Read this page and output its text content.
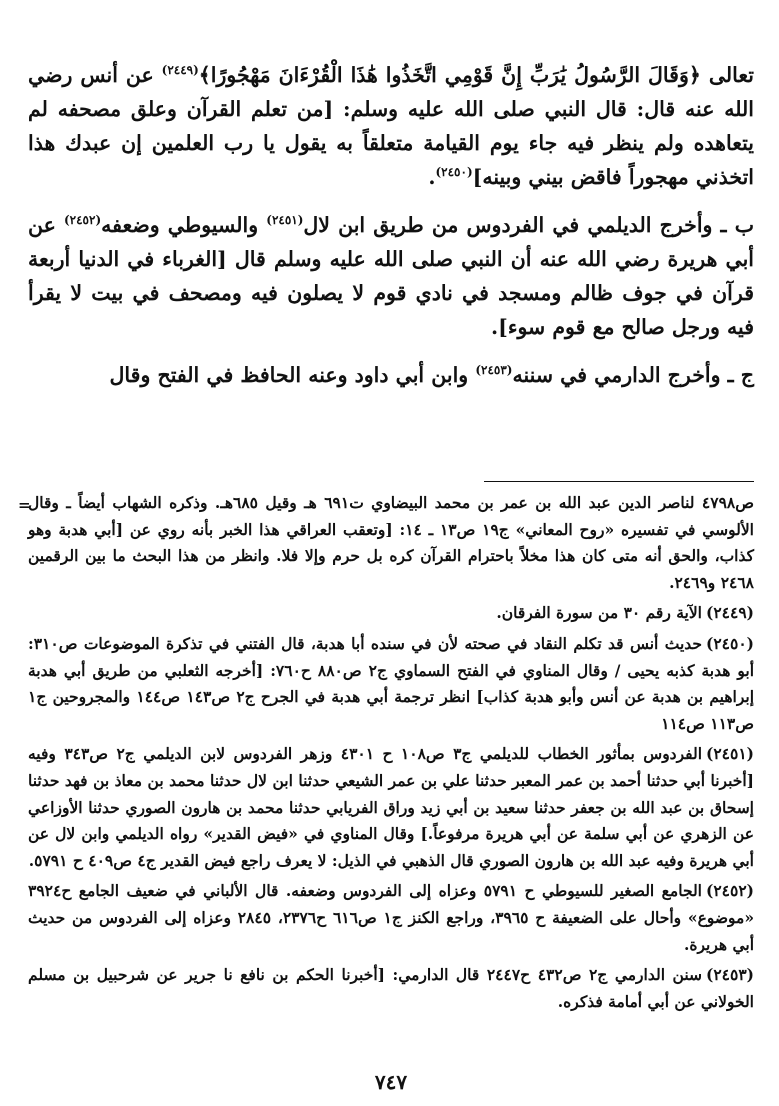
تعالى ﴿وَقَالَ الرَّسُولُ يَٰرَبِّ إِنَّ قَوْمِي اتَّخَذُوا هَٰذَا الْقُرْءَانَ مَهْجُورًا﴾$^{(٢٤٤٩)}$ عن أنس رضي الله عنه قال: قال النبي صلى الله عليه وسلم: [من تعلم القرآن وعلق مصحفه لم يتعاهده ولم ينظر فيه جاء يوم القيامة متعلقاً به يقول يا رب العلمين إن عبدك هذا اتخذني مهجوراً فاقض بيني وبينه]$^{(٢٤٥٠)}$.

ب ـ وأخرج الديلمي في الفردوس من طريق ابن لال$^{(٢٤٥١)}$ والسيوطي وضعفه$^{(٢٤٥٢)}$ عن أبي هريرة رضي الله عنه أن النبي صلى الله عليه وسلم قال [الغرباء في الدنيا أربعة قرآن في جوف ظالم ومسجد في نادي قوم لا يصلون فيه ومصحف في بيت لا يقرأ فيه ورجل صالح مع قوم سوء].

ج ـ وأخرج الدارمي في سننه$^{(٢٤٥٣)}$ وابن أبي داود وعنه الحافظ في الفتح وقال

=
ص٤٧٩٨ لناصر الدين عبد الله بن عمر بن محمد البيضاوي ت٦٩١ هـ وقيل ٦٨٥هـ. وذكره الشهاب أيضاً ـ وقال الألوسي في تفسيره «روح المعاني» ج١٩ ص١٣ ـ ١٤: [وتعقب العراقي هذا الخبر بأنه روي عن [أبي هدبة وهو كذاب، والحق أنه متى كان هذا مخلاً باحترام القرآن كره بل حرم وإلا فلا. وانظر من هذا البحث ما بين الرقمين ٢٤٦٨ و٢٤٦٩.
(٢٤٤٩)الآية رقم ٣٠ من سورة الفرقان.
(٢٤٥٠)حديث أنس قد تكلم النقاد في صحته لأن في سنده أبا هدبة، قال الفتني في تذكرة الموضوعات ص٣١٠: أبو هدبة كذبه يحيى / وقال المناوي في الفتح السماوي ج٢ ص٨٨٠ ح٧٦٠: [أخرجه الثعلبي من طريق أبي هدبة إبراهيم بن هدبة عن أنس وأبو هدبة كذاب] انظر ترجمة أبي هدبة في الجرح ج٢ ص١٤٣ ص١٤٤ والمجروحين ج١ ص١١٣ ص١١٤
(٢٤٥١)الفردوس بمأثور الخطاب للديلمي ج٣ ص١٠٨ ح ٤٣٠١ وزهر الفردوس لابن الديلمي ج٢ ص٣٤٣ وفيه [أخبرنا أبي حدثنا أحمد بن عمر المعبر حدثنا علي بن عمر الشيعي حدثنا ابن لال حدثنا محمد بن معاذ بن فهد حدثنا إسحاق بن عبد الله بن جعفر حدثنا سعيد بن أبي زيد وراق الفريابي حدثنا محمد بن هارون الصوري حدثنا الأوزاعي عن الزهري عن أبي سلمة عن أبي هريرة مرفوعاً.] وقال المناوي في «فيض القدير» رواه الديلمي وابن لال عن أبي هريرة وفيه عبد الله بن هارون الصوري قال الذهبي في الذيل: لا يعرف راجع فيض القدير ج٤ ص٤٠٩ ح ٥٧٩١.
(٢٤٥٢)الجامع الصغير للسيوطي ح ٥٧٩١ وعزاه إلى الفردوس وضعفه. قال الألباني في ضعيف الجامع ح٣٩٢٤ «موضوع» وأحال على الضعيفة ح ٣٩٦٥، وراجع الكنز ج١ ص٦١٦ ح٢٣٧٦، ٢٨٤٥ وعزاه إلى الفردوس من حديث أبي هريرة.
(٢٤٥٣)سنن الدارمي ج٢ ص٤٣٢ ح٢٤٤٧ قال الدارمي: [أخبرنا الحكم بن نافع نا جرير عن شرحبيل بن مسلم الخولاني عن أبي أمامة فذكره.
٧٤٧
